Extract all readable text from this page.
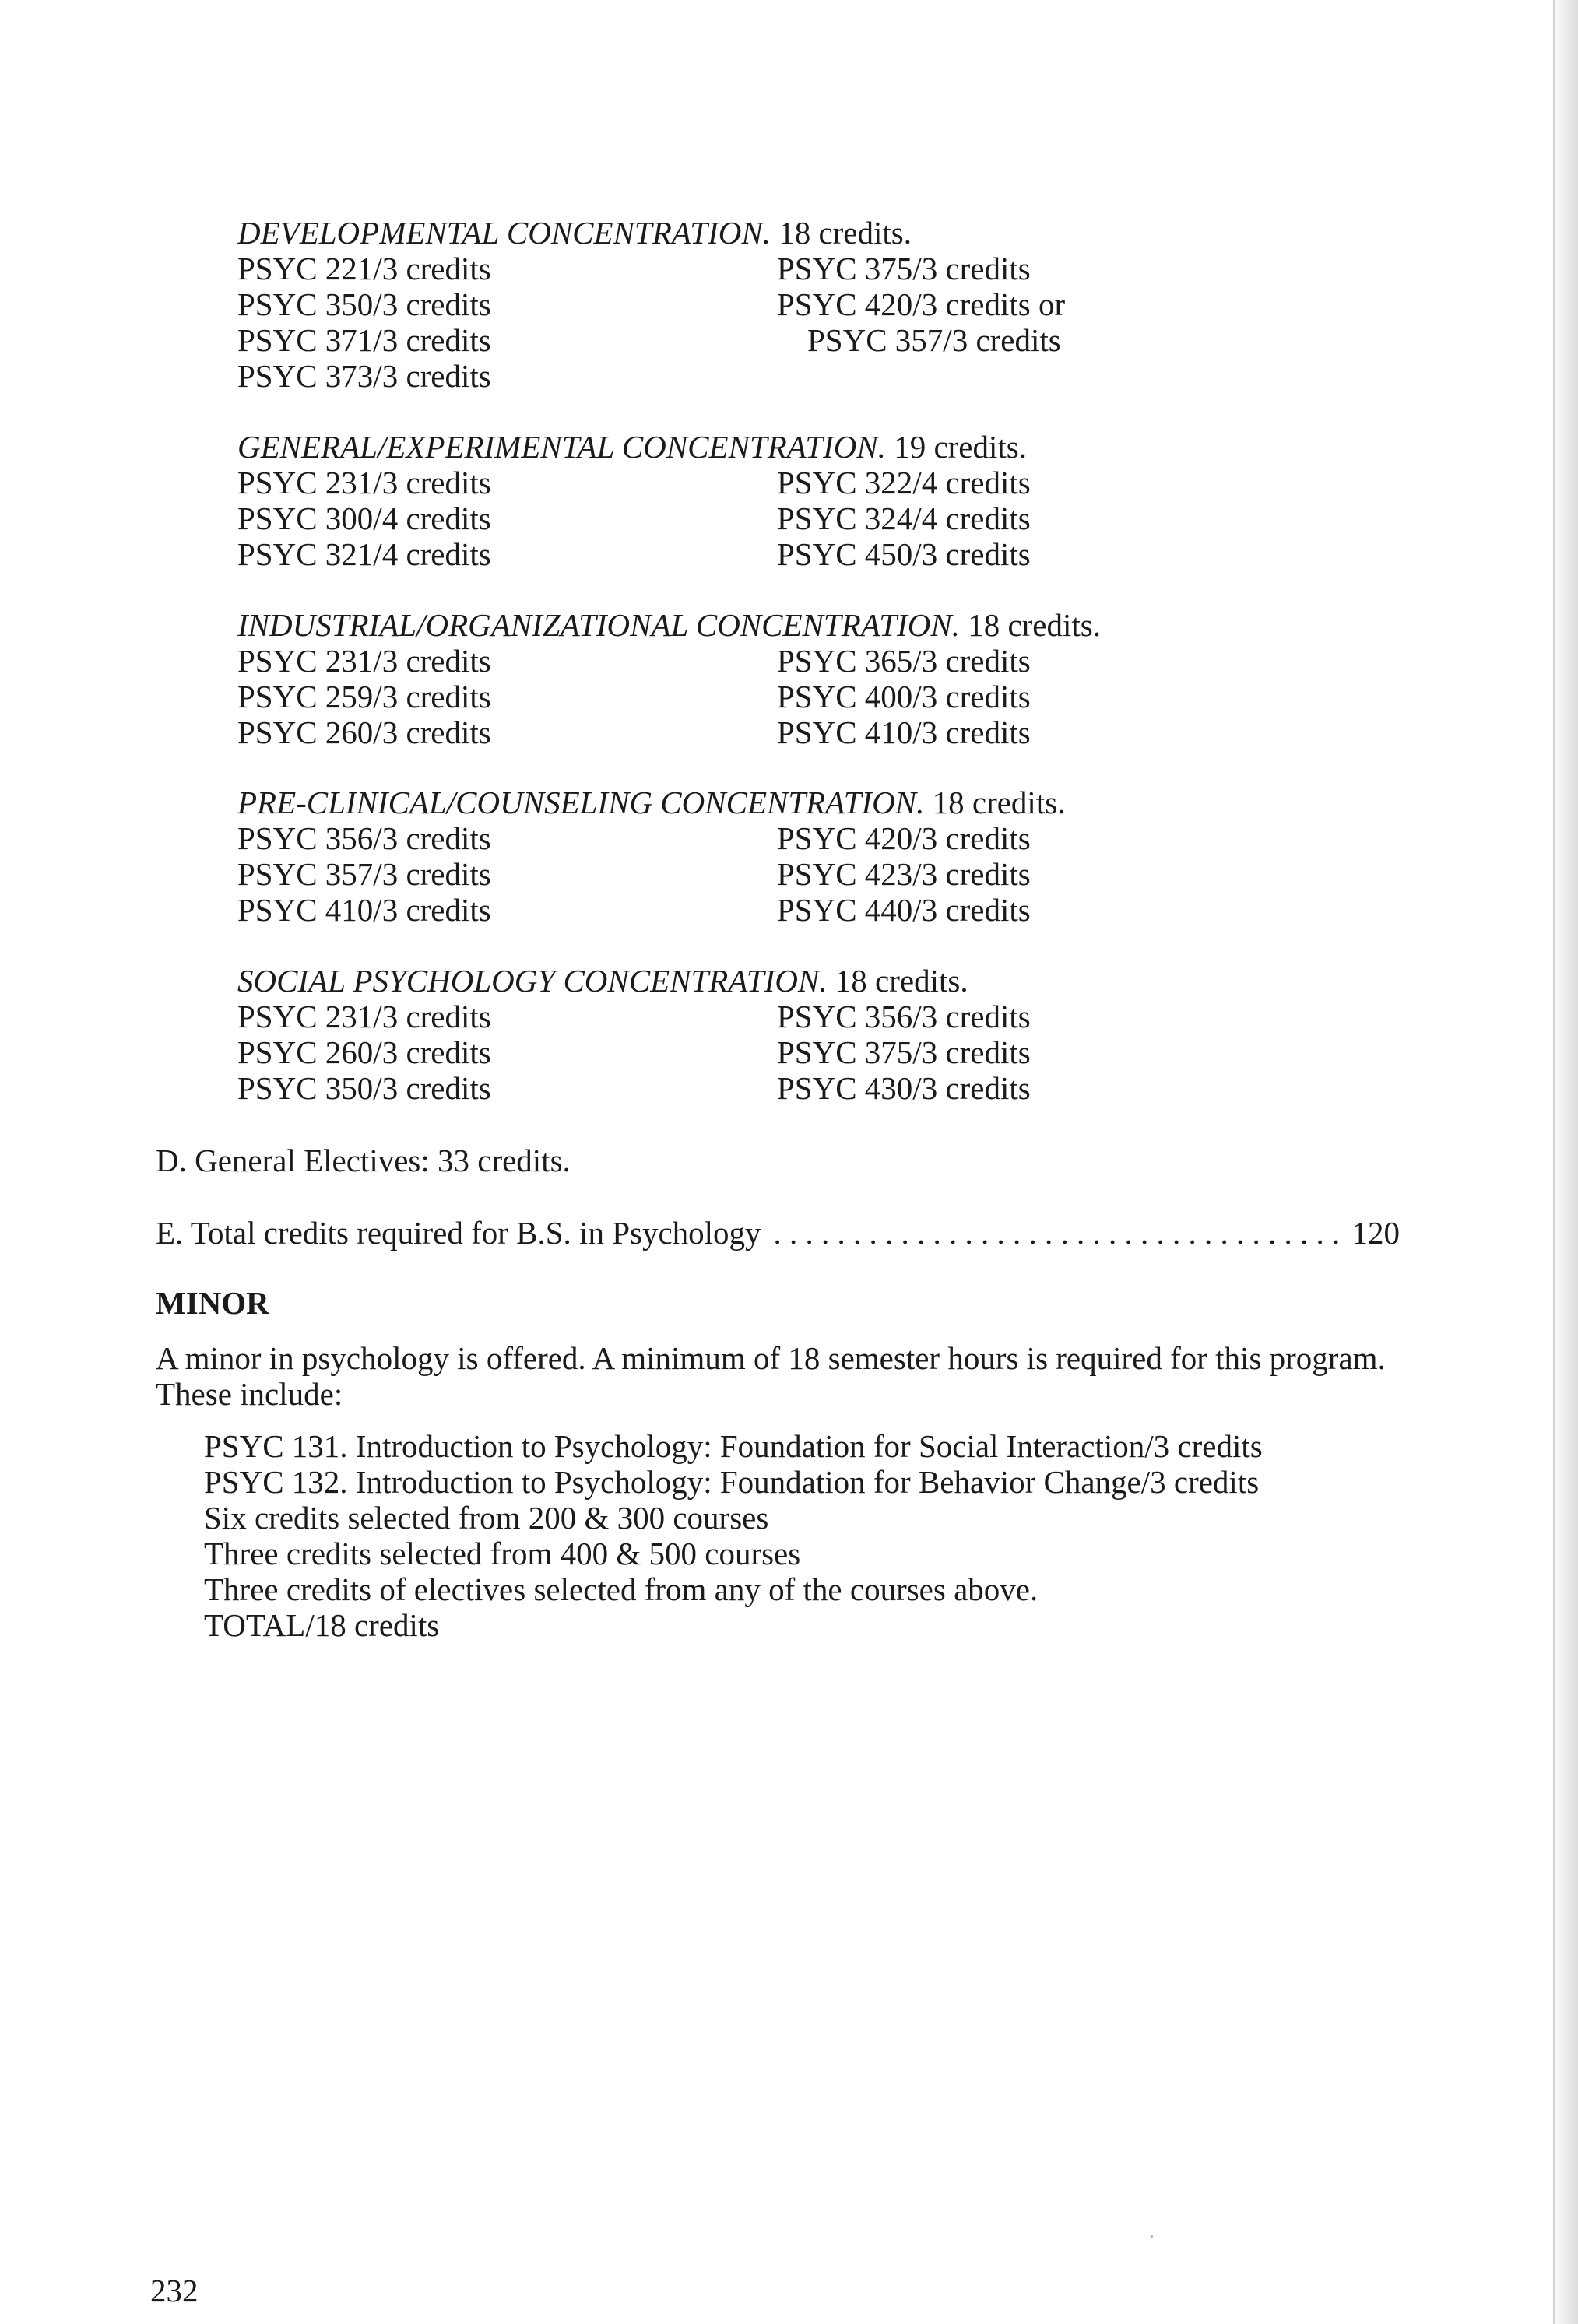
DEVELOPMENTAL CONCENTRATION. 18 credits.
PSYC 221/3 credits
PSYC 350/3 credits
PSYC 371/3 credits
PSYC 373/3 credits
PSYC 375/3 credits
PSYC 420/3 credits or
PSYC 357/3 credits
GENERAL/EXPERIMENTAL CONCENTRATION. 19 credits.
PSYC 231/3 credits
PSYC 300/4 credits
PSYC 321/4 credits
PSYC 322/4 credits
PSYC 324/4 credits
PSYC 450/3 credits
INDUSTRIAL/ORGANIZATIONAL CONCENTRATION. 18 credits.
PSYC 231/3 credits
PSYC 259/3 credits
PSYC 260/3 credits
PSYC 365/3 credits
PSYC 400/3 credits
PSYC 410/3 credits
PRE-CLINICAL/COUNSELING CONCENTRATION. 18 credits.
PSYC 356/3 credits
PSYC 357/3 credits
PSYC 410/3 credits
PSYC 420/3 credits
PSYC 423/3 credits
PSYC 440/3 credits
SOCIAL PSYCHOLOGY CONCENTRATION. 18 credits.
PSYC 231/3 credits
PSYC 260/3 credits
PSYC 350/3 credits
PSYC 356/3 credits
PSYC 375/3 credits
PSYC 430/3 credits
D. General Electives: 33 credits.
E. Total credits required for B.S. in Psychology
. . .	120
MINOR
A minor in psychology is offered. A minimum of 18 semester hours is required for this program. These include:
PSYC 131. Introduction to Psychology: Foundation for Social Interaction/3 credits
PSYC 132. Introduction to Psychology: Foundation for Behavior Change/3 credits
Six credits selected from 200 & 300 courses
Three credits selected from 400 & 500 courses
Three credits of electives selected from any of the courses above.
TOTAL/18 credits
232
